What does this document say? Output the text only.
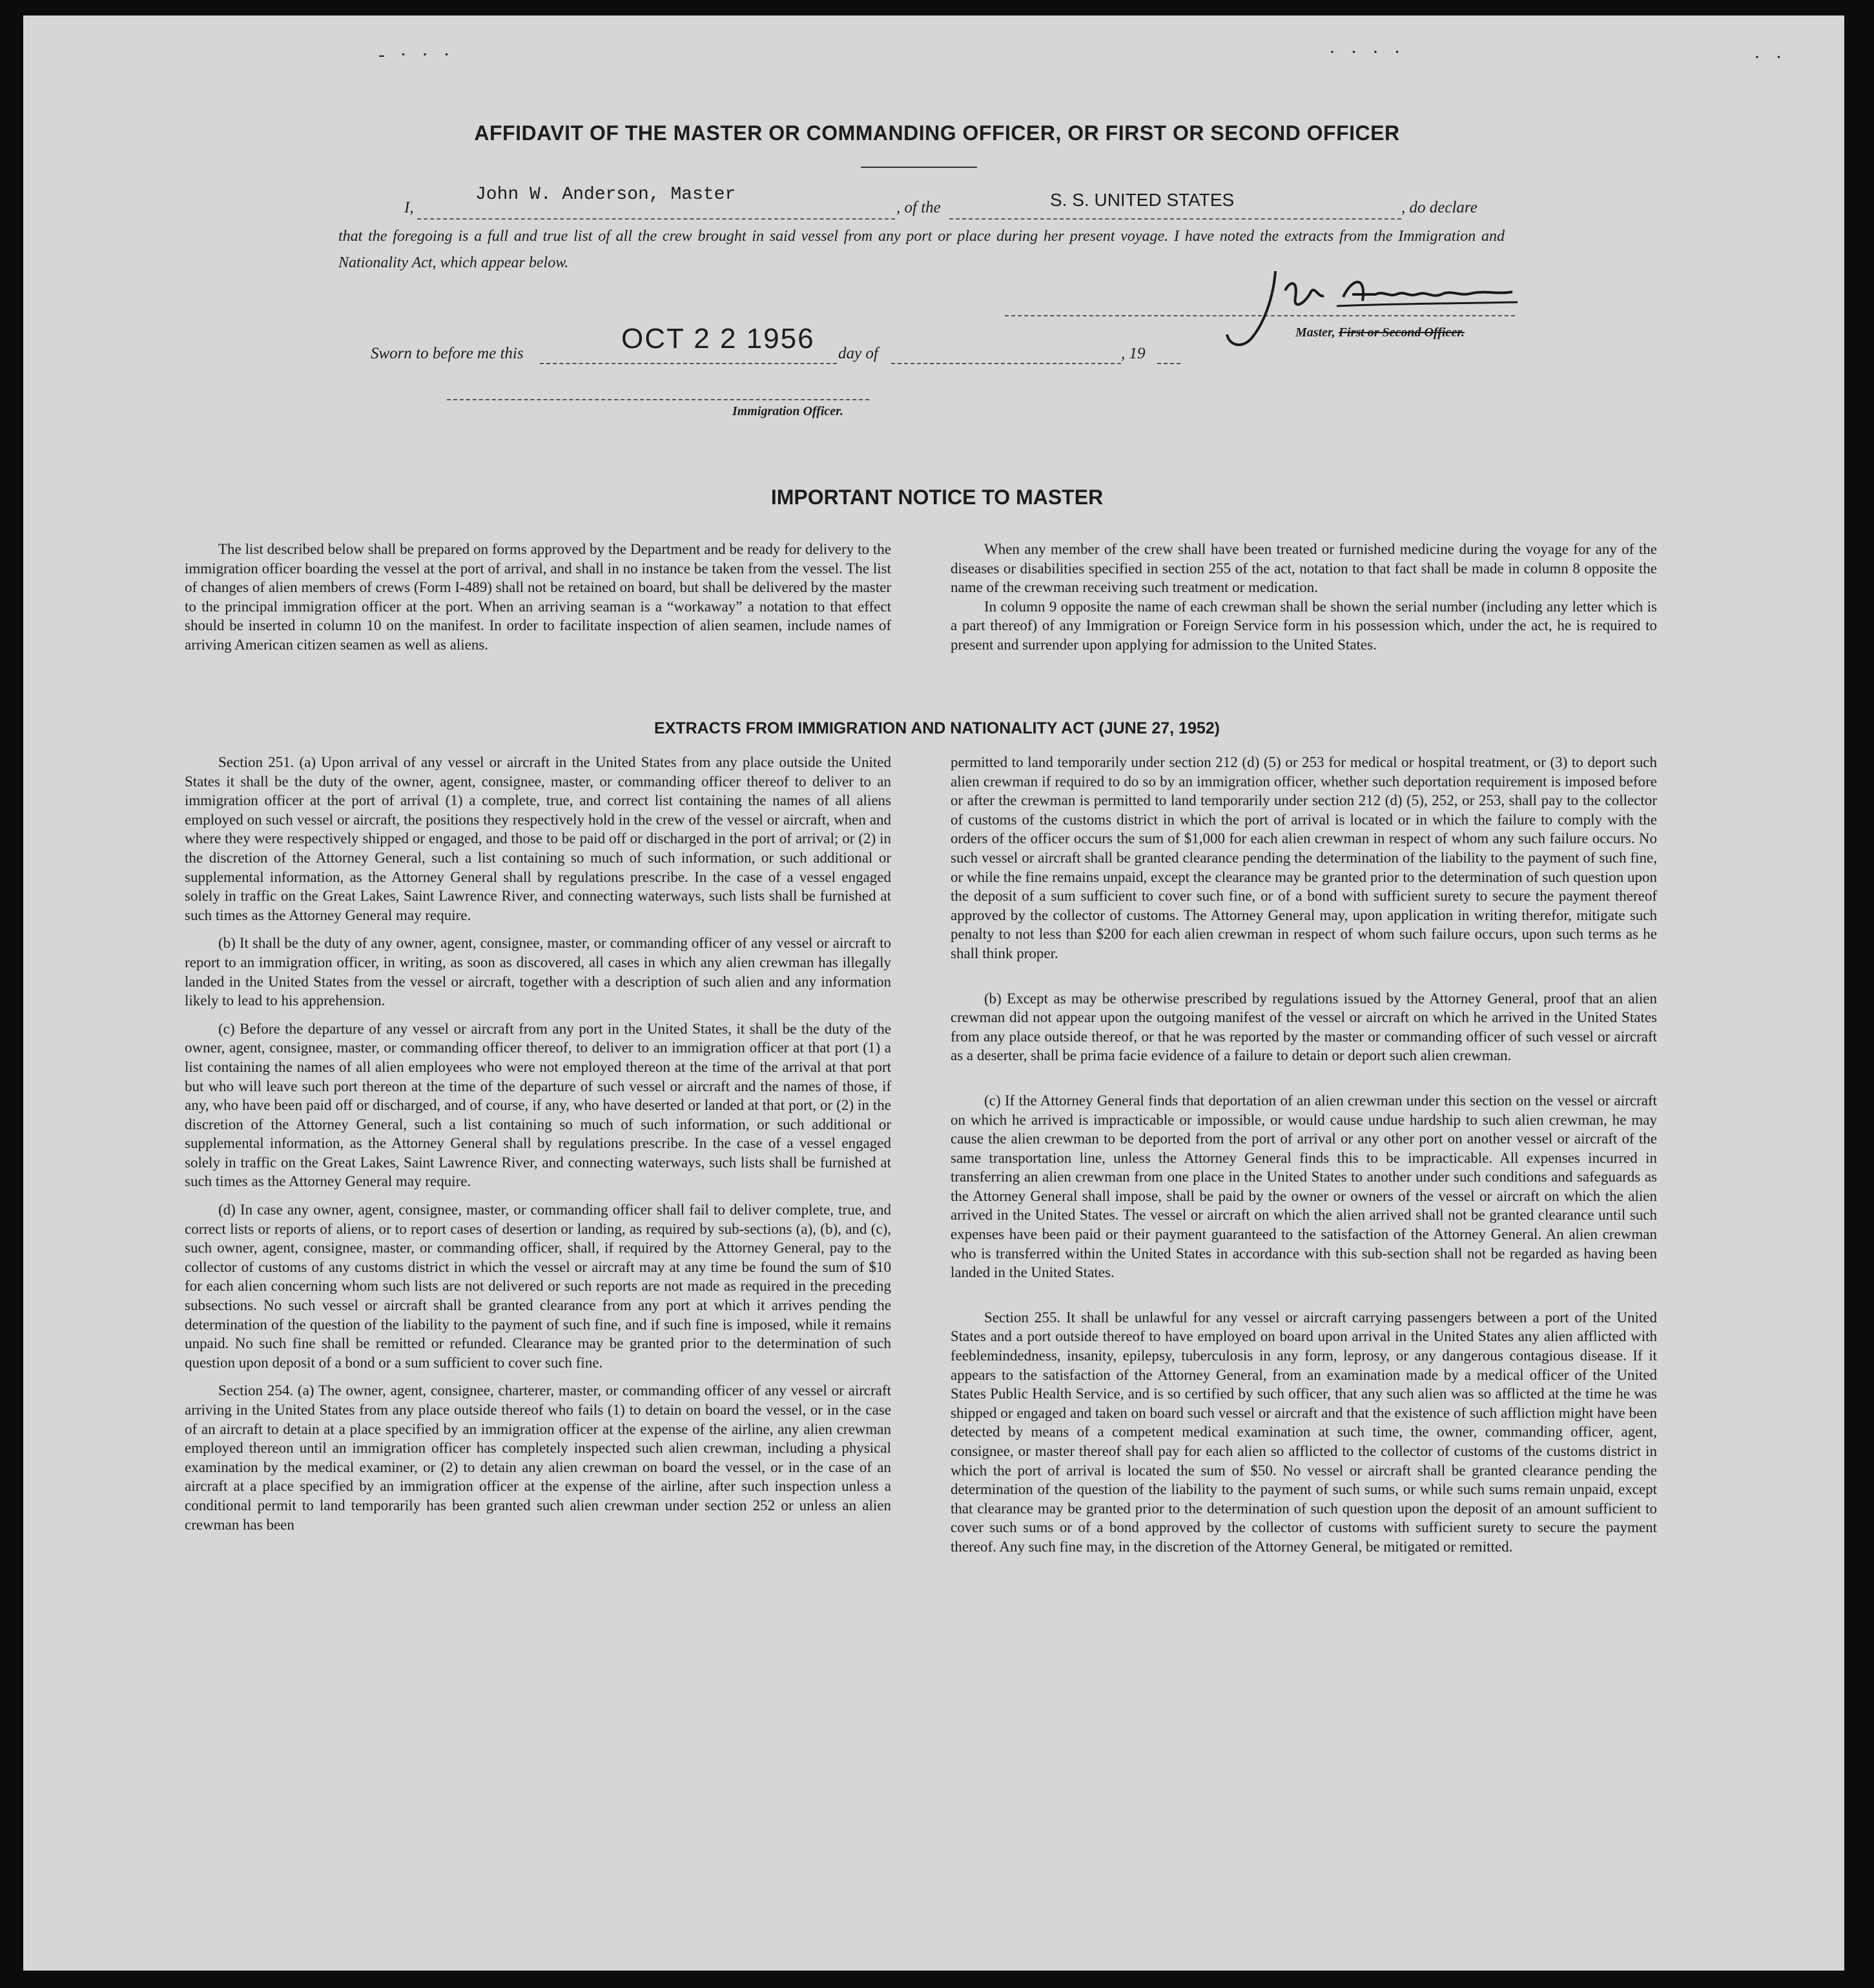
- · · ·	· · · ·	· ·
AFFIDAVIT OF THE MASTER OR COMMANDING OFFICER, OR FIRST OR SECOND OFFICER
I,
John W. Anderson, Master
, of the	S. S. UNITED STATES	, do declare
that the foregoing is a full and true list of all the crew brought in said vessel from any port or place during her present voyage. I have noted the extracts from the Immigration and Nationality Act, which appear below.
Master, First or Second Officer.
Sworn to before me this	OCT 2 2 1956 day of	, 19
Immigration Officer.
IMPORTANT NOTICE TO MASTER

The list described below shall be prepared on forms approved by the Department and be ready for delivery to the immigration officer boarding the vessel at the port of arrival, and shall in no instance be taken from the vessel. The list of changes of alien members of crews (Form I-489) shall not be retained on board, but shall be delivered by the master to the principal immigration officer at the port. When an arriving seaman is a “workaway” a notation to that effect should be inserted in column 10 on the manifest. In order to facilitate inspection of alien seamen, include names of arriving American citizen seamen as well as aliens.

When any member of the crew shall have been treated or furnished medicine during the voyage for any of the diseases or disabilities specified in section 255 of the act, notation to that fact shall be made in column 8 opposite the name of the crewman receiving such treatment or medication.

In column 9 opposite the name of each crewman shall be shown the serial number (including any letter which is a part thereof) of any Immigration or Foreign Service form in his possession which, under the act, he is required to present and surrender upon applying for admission to the United States.

EXTRACTS FROM IMMIGRATION AND NATIONALITY ACT (JUNE 27, 1952)

Section 251. (a) Upon arrival of any vessel or aircraft in the United States from any place outside the United States it shall be the duty of the owner, agent, consignee, master, or commanding officer thereof to deliver to an immigration officer at the port of arrival (1) a complete, true, and correct list containing the names of all aliens employed on such vessel or aircraft, the positions they respectively hold in the crew of the vessel or aircraft, when and where they were respectively shipped or engaged, and those to be paid off or discharged in the port of arrival; or (2) in the discretion of the Attorney General, such a list containing so much of such information, or such additional or supplemental information, as the Attorney General shall by regulations prescribe. In the case of a vessel engaged solely in traffic on the Great Lakes, Saint Lawrence River, and connecting waterways, such lists shall be furnished at such times as the Attorney General may require.

(b) It shall be the duty of any owner, agent, consignee, master, or commanding officer of any vessel or aircraft to report to an immigration officer, in writing, as soon as discovered, all cases in which any alien crewman has illegally landed in the United States from the vessel or aircraft, together with a description of such alien and any information likely to lead to his apprehension.

(c) Before the departure of any vessel or aircraft from any port in the United States, it shall be the duty of the owner, agent, consignee, master, or commanding officer thereof, to deliver to an immigration officer at that port (1) a list containing the names of all alien employees who were not employed thereon at the time of the arrival at that port but who will leave such port thereon at the time of the departure of such vessel or aircraft and the names of those, if any, who have been paid off or discharged, and of course, if any, who have deserted or landed at that port, or (2) in the discretion of the Attorney General, such a list containing so much of such information, or such additional or supplemental information, as the Attorney General shall by regulations prescribe. In the case of a vessel engaged solely in traffic on the Great Lakes, Saint Lawrence River, and connecting waterways, such lists shall be furnished at such times as the Attorney General may require.

(d) In case any owner, agent, consignee, master, or commanding officer shall fail to deliver complete, true, and correct lists or reports of aliens, or to report cases of desertion or landing, as required by sub-sections (a), (b), and (c), such owner, agent, consignee, master, or commanding officer, shall, if required by the Attorney General, pay to the collector of customs of any customs district in which the vessel or aircraft may at any time be found the sum of $10 for each alien concerning whom such lists are not delivered or such reports are not made as required in the preceding subsections. No such vessel or aircraft shall be granted clearance from any port at which it arrives pending the determination of the question of the liability to the payment of such fine, and if such fine is imposed, while it remains unpaid. No such fine shall be remitted or refunded. Clearance may be granted prior to the determination of such question upon deposit of a bond or a sum sufficient to cover such fine.

Section 254. (a) The owner, agent, consignee, charterer, master, or commanding officer of any vessel or aircraft arriving in the United States from any place outside thereof who fails (1) to detain on board the vessel, or in the case of an aircraft to detain at a place specified by an immigration officer at the expense of the airline, any alien crewman employed thereon until an immigration officer has completely inspected such alien crewman, including a physical examination by the medical examiner, or (2) to detain any alien crewman on board the vessel, or in the case of an aircraft at a place specified by an immigration officer at the expense of the airline, after such inspection unless a conditional permit to land temporarily has been granted such alien crewman under section 252 or unless an alien crewman has been

permitted to land temporarily under section 212 (d) (5) or 253 for medical or hospital treatment, or (3) to deport such alien crewman if required to do so by an immigration officer, whether such deportation requirement is imposed before or after the crewman is permitted to land temporarily under section 212 (d) (5), 252, or 253, shall pay to the collector of customs of the customs district in which the port of arrival is located or in which the failure to comply with the orders of the officer occurs the sum of $1,000 for each alien crewman in respect of whom any such failure occurs. No such vessel or aircraft shall be granted clearance pending the determination of the liability to the payment of such fine, or while the fine remains unpaid, except the clearance may be granted prior to the determination of such question upon the deposit of a sum sufficient to cover such fine, or of a bond with sufficient surety to secure the payment thereof approved by the collector of customs. The Attorney General may, upon application in writing therefor, mitigate such penalty to not less than $200 for each alien crewman in respect of whom such failure occurs, upon such terms as he shall think proper.

(b) Except as may be otherwise prescribed by regulations issued by the Attorney General, proof that an alien crewman did not appear upon the outgoing manifest of the vessel or aircraft on which he arrived in the United States from any place outside thereof, or that he was reported by the master or commanding officer of such vessel or aircraft as a deserter, shall be prima facie evidence of a failure to detain or deport such alien crewman.

(c) If the Attorney General finds that deportation of an alien crewman under this section on the vessel or aircraft on which he arrived is impracticable or impossible, or would cause undue hardship to such alien crewman, he may cause the alien crewman to be deported from the port of arrival or any other port on another vessel or aircraft of the same transportation line, unless the Attorney General finds this to be impracticable. All expenses incurred in transferring an alien crewman from one place in the United States to another under such conditions and safeguards as the Attorney General shall impose, shall be paid by the owner or owners of the vessel or aircraft on which the alien arrived in the United States. The vessel or aircraft on which the alien arrived shall not be granted clearance until such expenses have been paid or their payment guaranteed to the satisfaction of the Attorney General. An alien crewman who is transferred within the United States in accordance with this sub-section shall not be regarded as having been landed in the United States.

Section 255. It shall be unlawful for any vessel or aircraft carrying passengers between a port of the United States and a port outside thereof to have employed on board upon arrival in the United States any alien afflicted with feeblemindedness, insanity, epilepsy, tuberculosis in any form, leprosy, or any dangerous contagious disease. If it appears to the satisfaction of the Attorney General, from an examination made by a medical officer of the United States Public Health Service, and is so certified by such officer, that any such alien was so afflicted at the time he was shipped or engaged and taken on board such vessel or aircraft and that the existence of such affliction might have been detected by means of a competent medical examination at such time, the owner, commanding officer, agent, consignee, or master thereof shall pay for each alien so afflicted to the collector of customs of the customs district in which the port of arrival is located the sum of $50. No vessel or aircraft shall be granted clearance pending the determination of the question of the liability to the payment of such sums, or while such sums remain unpaid, except that clearance may be granted prior to the determination of such question upon the deposit of an amount sufficient to cover such sums or of a bond approved by the collector of customs with sufficient surety to secure the payment thereof. Any such fine may, in the discretion of the Attorney General, be mitigated or remitted.
